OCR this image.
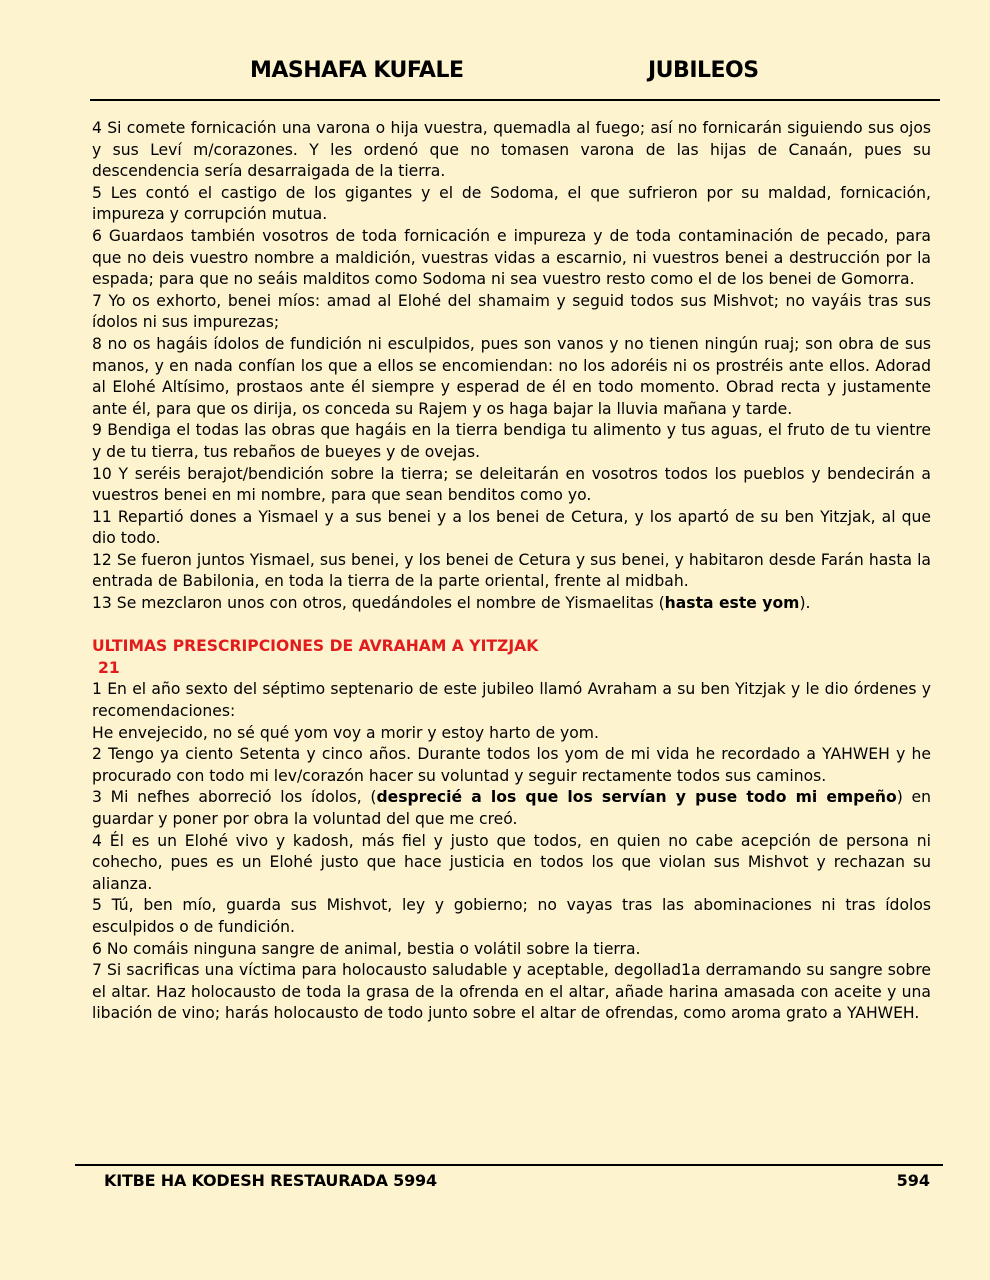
MASHAFA KUFALE	JUBILEOS

4 Si comete fornicación una varona o hija vuestra, quemadla al fuego; así no fornicarán siguiendo sus ojos y sus Leví m/corazones. Y les ordenó que no tomasen varona de las hijas de Canaán, pues su descendencia sería desarraigada de la tierra.

5 Les contó el castigo de los gigantes y el de Sodoma, el que sufrieron por su maldad, fornicación, impureza y corrupción mutua.

6 Guardaos también vosotros de toda fornicación e impureza y de toda contaminación de pecado, para que no deis vuestro nombre a maldición, vuestras vidas a escarnio, ni vuestros benei a destrucción por la espada; para que no seáis malditos como Sodoma ni sea vuestro resto como el de los benei de Gomorra.

7 Yo os exhorto, benei míos: amad al Elohé del shamaim y seguid todos sus Mishvot; no vayáis tras sus ídolos ni sus impurezas;

8 no os hagáis ídolos de fundición ni esculpidos, pues son vanos y no tienen ningún ruaj; son obra de sus manos, y en nada confían los que a ellos se encomiendan: no los adoréis ni os prostréis ante ellos. Adorad al Elohé Altísimo, prostaos ante él siempre y esperad de él en todo momento. Obrad recta y justamente ante él, para que os dirija, os conceda su Rajem y os haga bajar la lluvia mañana y tarde.

9 Bendiga el todas las obras que hagáis en la tierra bendiga tu alimento y tus aguas, el fruto de tu vientre y de tu tierra, tus rebaños de bueyes y de ovejas.

10 Y seréis berajot/bendición sobre la tierra; se deleitarán en vosotros todos los pueblos y bendecirán a vuestros benei en mi nombre, para que sean benditos como yo.

11 Repartió dones a Yismael y a sus benei y a los benei de Cetura, y los apartó de su ben Yitzjak, al que dio todo.

12 Se fueron juntos Yismael, sus benei, y los benei de Cetura y sus benei, y habitaron desde Farán hasta la entrada de Babilonia, en toda la tierra de la parte oriental, frente al midbah.

13 Se mezclaron unos con otros, quedándoles el nombre de Yismaelitas (hasta este yom).

ULTIMAS PRESCRIPCIONES DE AVRAHAM A YITZJAK

21

1 En el año sexto del séptimo septenario de este jubileo llamó Avraham a su ben Yitzjak y le dio órdenes y recomendaciones:

He envejecido, no sé qué yom voy a morir y estoy harto de yom.

2 Tengo ya ciento Setenta y cinco años. Durante todos los yom de mi vida he recordado a YAHWEH y he procurado con todo mi lev/corazón hacer su voluntad y seguir rectamente todos sus caminos.

3 Mi nefhes aborreció los ídolos, (desprecié a los que los servían y puse todo mi empeño) en guardar y poner por obra la voluntad del que me creó.

4 Él es un Elohé vivo y kadosh, más fiel y justo que todos, en quien no cabe acepción de persona ni cohecho, pues es un Elohé justo que hace justicia en todos los que violan sus Mishvot y rechazan su alianza.

5 Tú, ben mío, guarda sus Mishvot, ley y gobierno; no vayas tras las abominaciones ni tras ídolos esculpidos o de fundición.

6 No comáis ninguna sangre de animal, bestia o volátil sobre la tierra.

7 Si sacrificas una víctima para holocausto saludable y aceptable, degollad1a derramando su sangre sobre el altar. Haz holocausto de toda la grasa de la ofrenda en el altar, añade harina amasada con aceite y una libación de vino; harás holocausto de todo junto sobre el altar de ofrendas, como aroma grato a YAHWEH.

KITBE HA KODESH RESTAURADA 5994	594
